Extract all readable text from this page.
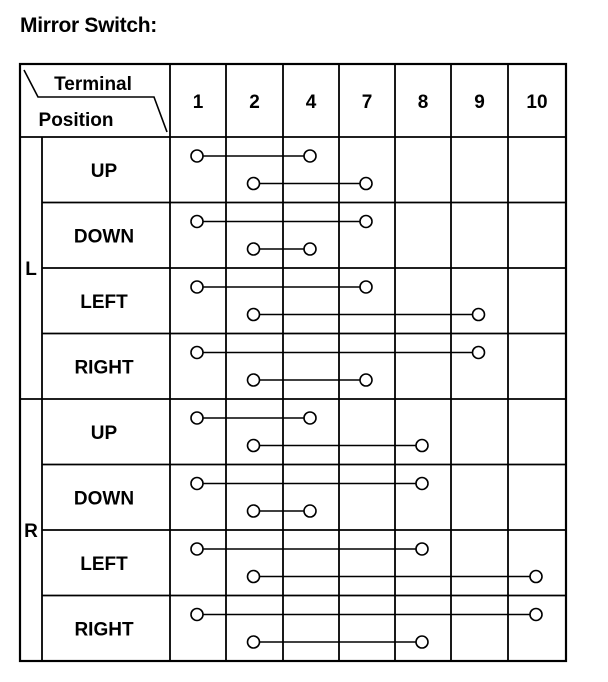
Mirror Switch:
Terminal
Position
1 2 4 7 8 9 10
L
UP
DOWN
LEFT
RIGHT
R
UP
DOWN
LEFT
RIGHT
